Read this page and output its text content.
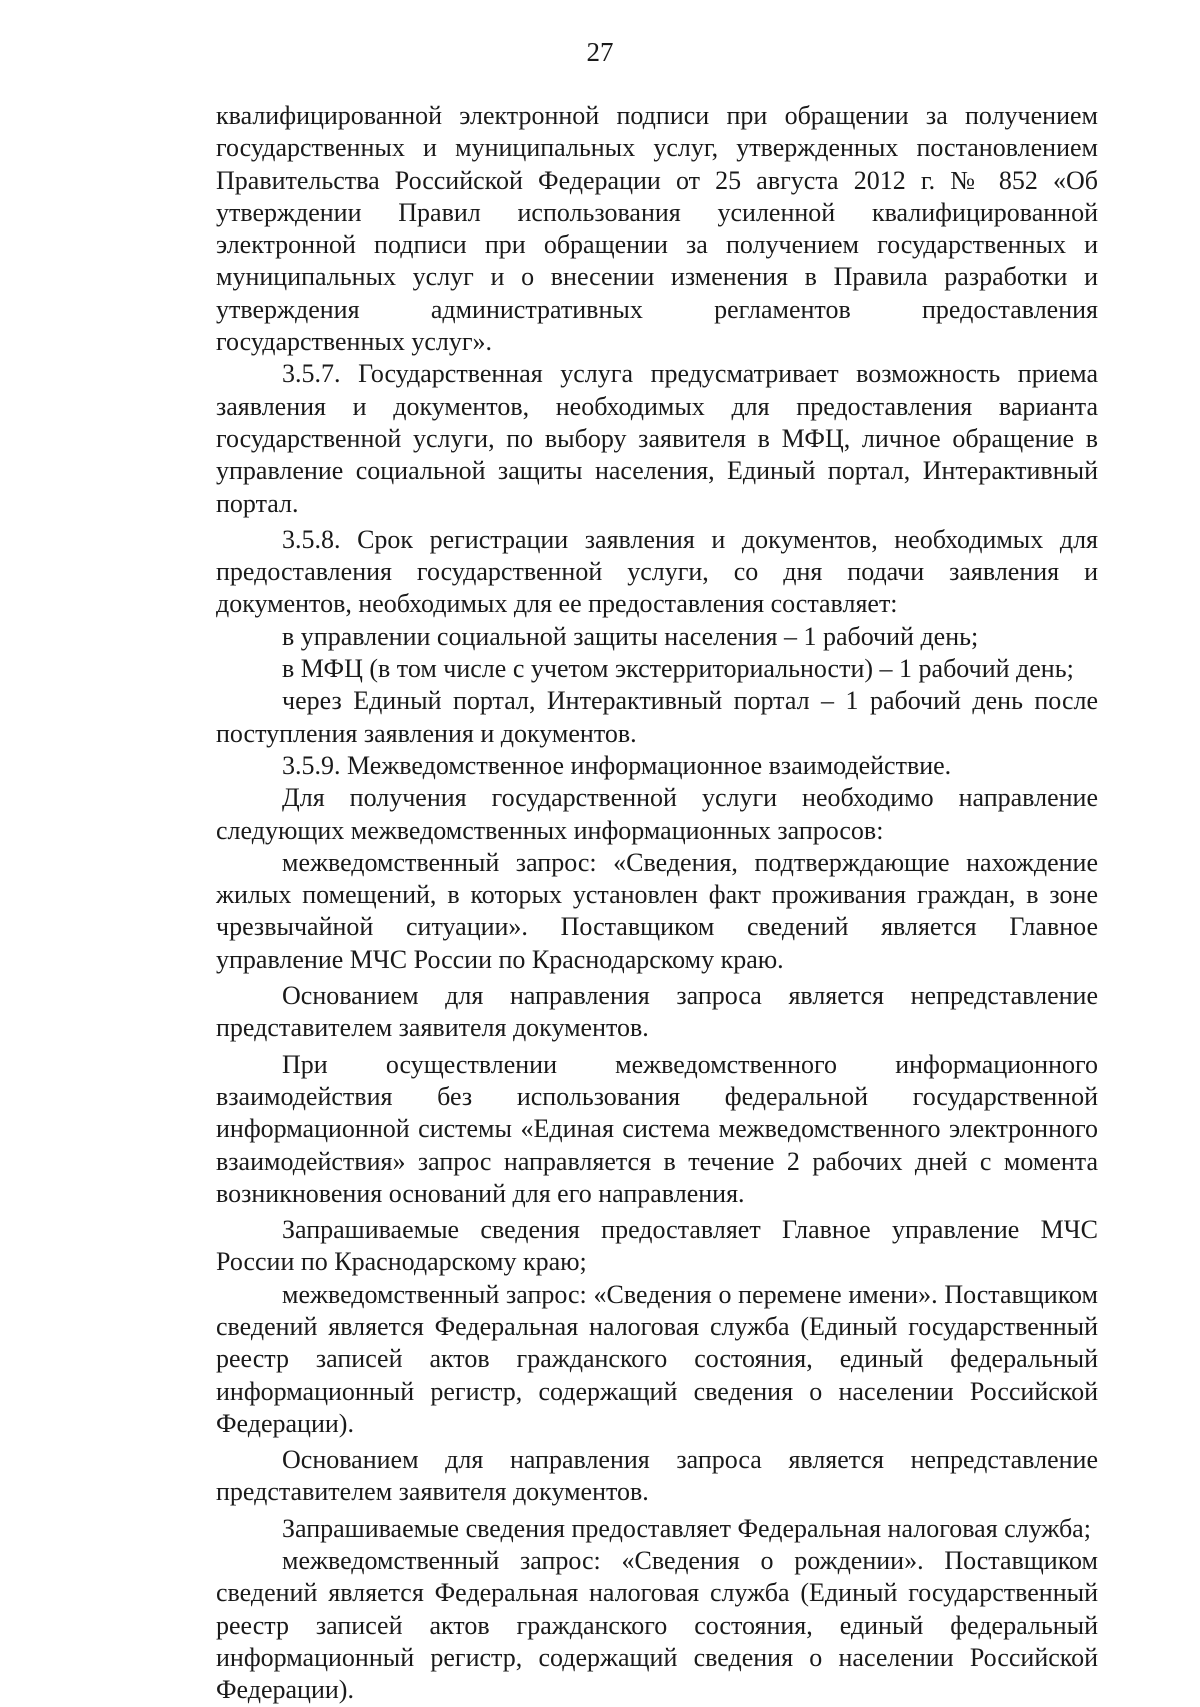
27

квалифицированной электронной подписи при обращении за получением государственных и муниципальных услуг, утвержденных постановлением Правительства Российской Федерации от 25 августа 2012 г. № 852 «Об утверждении Правил использования усиленной квалифицированной электронной подписи при обращении за получением государственных и муниципальных услуг и о внесении изменения в Правила разработки и утверждения административных регламентов предоставления государственных услуг».

3.5.7. Государственная услуга предусматривает возможность приема заявления и документов, необходимых для предоставления варианта государственной услуги, по выбору заявителя в МФЦ, личное обращение в управление социальной защиты населения, Единый портал, Интерактивный портал.

3.5.8. Срок регистрации заявления и документов, необходимых для предоставления государственной услуги, со дня подачи заявления и документов, необходимых для ее предоставления составляет:

в управлении социальной защиты населения – 1 рабочий день;

в МФЦ (в том числе с учетом экстерриториальности) – 1 рабочий день;

через Единый портал, Интерактивный портал – 1 рабочий день после поступления заявления и документов.

3.5.9. Межведомственное информационное взаимодействие.

Для получения государственной услуги необходимо направление следующих межведомственных информационных запросов:

межведомственный запрос: «Сведения, подтверждающие нахождение жилых помещений, в которых установлен факт проживания граждан, в зоне чрезвычайной ситуации». Поставщиком сведений является Главное управление МЧС России по Краснодарскому краю.

Основанием для направления запроса является непредставление представителем заявителя документов.

При осуществлении межведомственного информационного взаимодействия без использования федеральной государственной информационной системы «Единая система межведомственного электронного взаимодействия» запрос направляется в течение 2 рабочих дней с момента возникновения оснований для его направления.

Запрашиваемые сведения предоставляет Главное управление МЧС России по Краснодарскому краю;

межведомственный запрос: «Сведения о перемене имени». Поставщиком сведений является Федеральная налоговая служба (Единый государственный реестр записей актов гражданского состояния, единый федеральный информационный регистр, содержащий сведения о населении Российской Федерации).

Основанием для направления запроса является непредставление представителем заявителя документов.

Запрашиваемые сведения предоставляет Федеральная налоговая служба;

межведомственный запрос: «Сведения о рождении». Поставщиком сведений является Федеральная налоговая служба (Единый государственный реестр записей актов гражданского состояния, единый федеральный информационный регистр, содержащий сведения о населении Российской Федерации).
